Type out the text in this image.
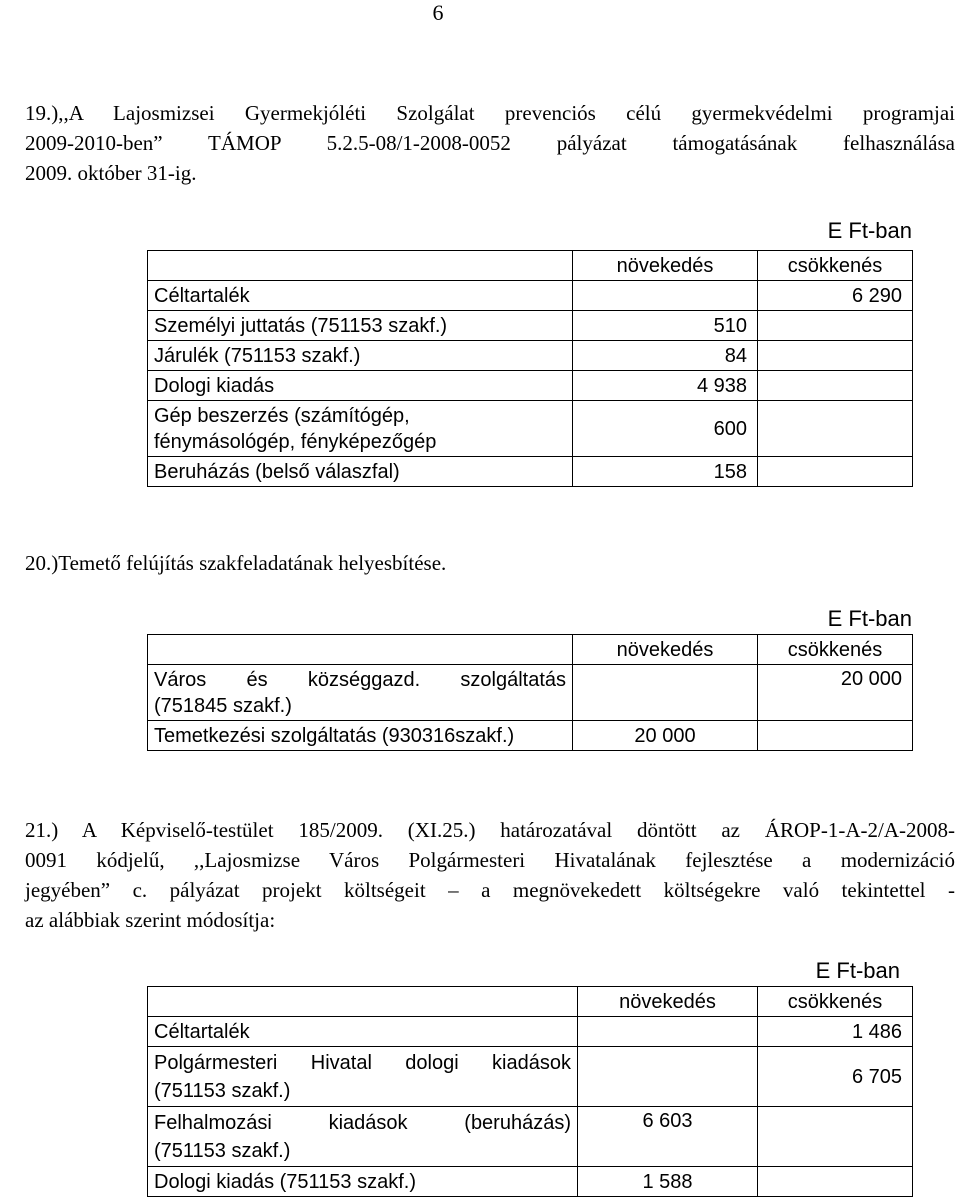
6
19.),,A Lajosmizsei Gyermekjóléti Szolgálat prevenciós célú gyermekvédelmi programjai
2009-2010-ben” TÁMOP 5.2.5-08/1-2008-0052 pályázat támogatásának felhasználása
2009. október 31-ig.
E Ft-ban
	növekedés	csökkenés
Céltartalék		6 290
Személyi juttatás (751153 szakf.)	510	
Járulék (751153 szakf.)	84	
Dologi kiadás	4 938	

Gép beszerzés (számítógép,
fénymásológép, fényképezőgép	600	
Beruházás (belső válaszfal)	158	
20.)Temető felújítás szakfeladatának helyesbítése.
E Ft-ban
	növekedés	csökkenés

Város és községgazd. szolgáltatás
(751845 szakf.)		20 000
Temetkezési szolgáltatás (930316szakf.)	20 000	
21.) A Képviselő-testület 185/2009. (XI.25.) határozatával döntött az ÁROP-1-A-2/A-2008-
0091 kódjelű, ,,Lajosmizse Város Polgármesteri Hivatalának fejlesztése a modernizáció
jegyében” c. pályázat projekt költségeit – a megnövekedett költségekre való tekintettel -
az alábbiak szerint módosítja:
E Ft-ban
	növekedés	csökkenés
Céltartalék		1 486

Polgármesteri Hivatal dologi kiadások
(751153 szakf.)		6 705

Felhalmozási kiadások (beruházás)
(751153 szakf.)	6 603	
Dologi kiadás (751153 szakf.)	1 588	
